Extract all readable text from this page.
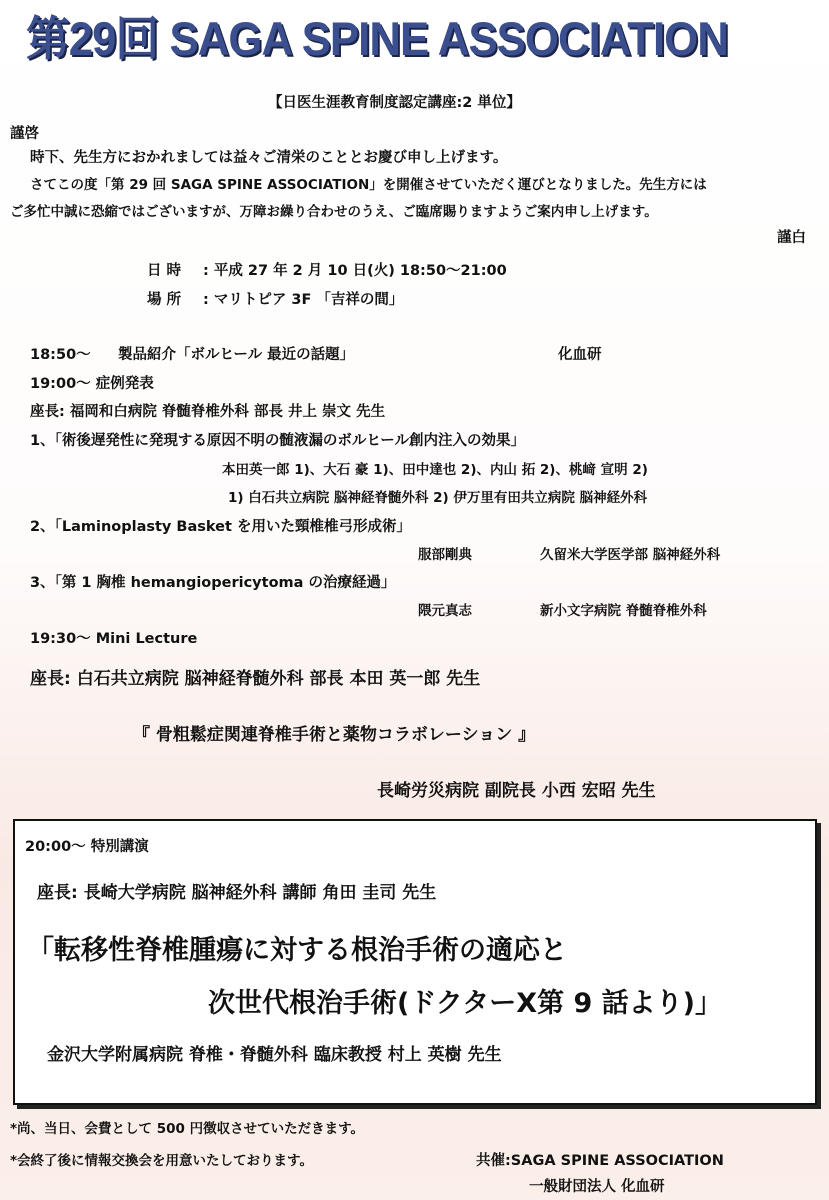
第29回 SAGA SPINE ASSOCIATION
【日医生涯教育制度認定講座:2 単位】
謹啓
時下、先生方におかれましては益々ご清栄のこととお慶び申し上げます。
さてこの度「第 29 回 SAGA SPINE ASSOCIATION」を開催させていただく運びとなりました。先生方には
ご多忙中誠に恐縮ではございますが、万障お繰り合わせのうえ、ご臨席賜りますようご案内申し上げます。
謹白
日 時 : 平成 27 年 2 月 10 日(火) 18:50～21:00
場 所 : マリトピア 3F 「吉祥の間」
18:50～ 製品紹介「ボルヒール 最近の話題」	化血研
19:00～ 症例発表
座長: 福岡和白病院 脊髄脊椎外科 部長 井上 崇文 先生
1、「術後遅発性に発現する原因不明の髄液漏のボルヒール創内注入の効果」
本田英一郎 1)、大石 豪 1)、田中達也 2)、内山 拓 2)、桃﨑 宣明 2)
1) 白石共立病院 脳神経脊髄外科 2) 伊万里有田共立病院 脳神経外科
2、「Laminoplasty Basket を用いた頸椎椎弓形成術」
服部剛典	久留米大学医学部 脳神経外科
3、「第 1 胸椎 hemangiopericytoma の治療経過」
隈元真志	新小文字病院 脊髄脊椎外科
19:30～ Mini Lecture
座長: 白石共立病院 脳神経脊髄外科 部長 本田 英一郎 先生
『 骨粗鬆症関連脊椎手術と薬物コラボレーション 』
長崎労災病院 副院長 小西 宏昭 先生
20:00～ 特別講演
座長: 長崎大学病院 脳神経外科 講師 角田 圭司 先生
「転移性脊椎腫瘍に対する根治手術の適応と
次世代根治手術(ドクターX第 9 話より)」
金沢大学附属病院 脊椎・脊髄外科 臨床教授 村上 英樹 先生
*尚、当日、会費として 500 円徴収させていただきます。
*会終了後に情報交換会を用意いたしております。	共催:SAGA SPINE ASSOCIATION
一般財団法人 化血研
